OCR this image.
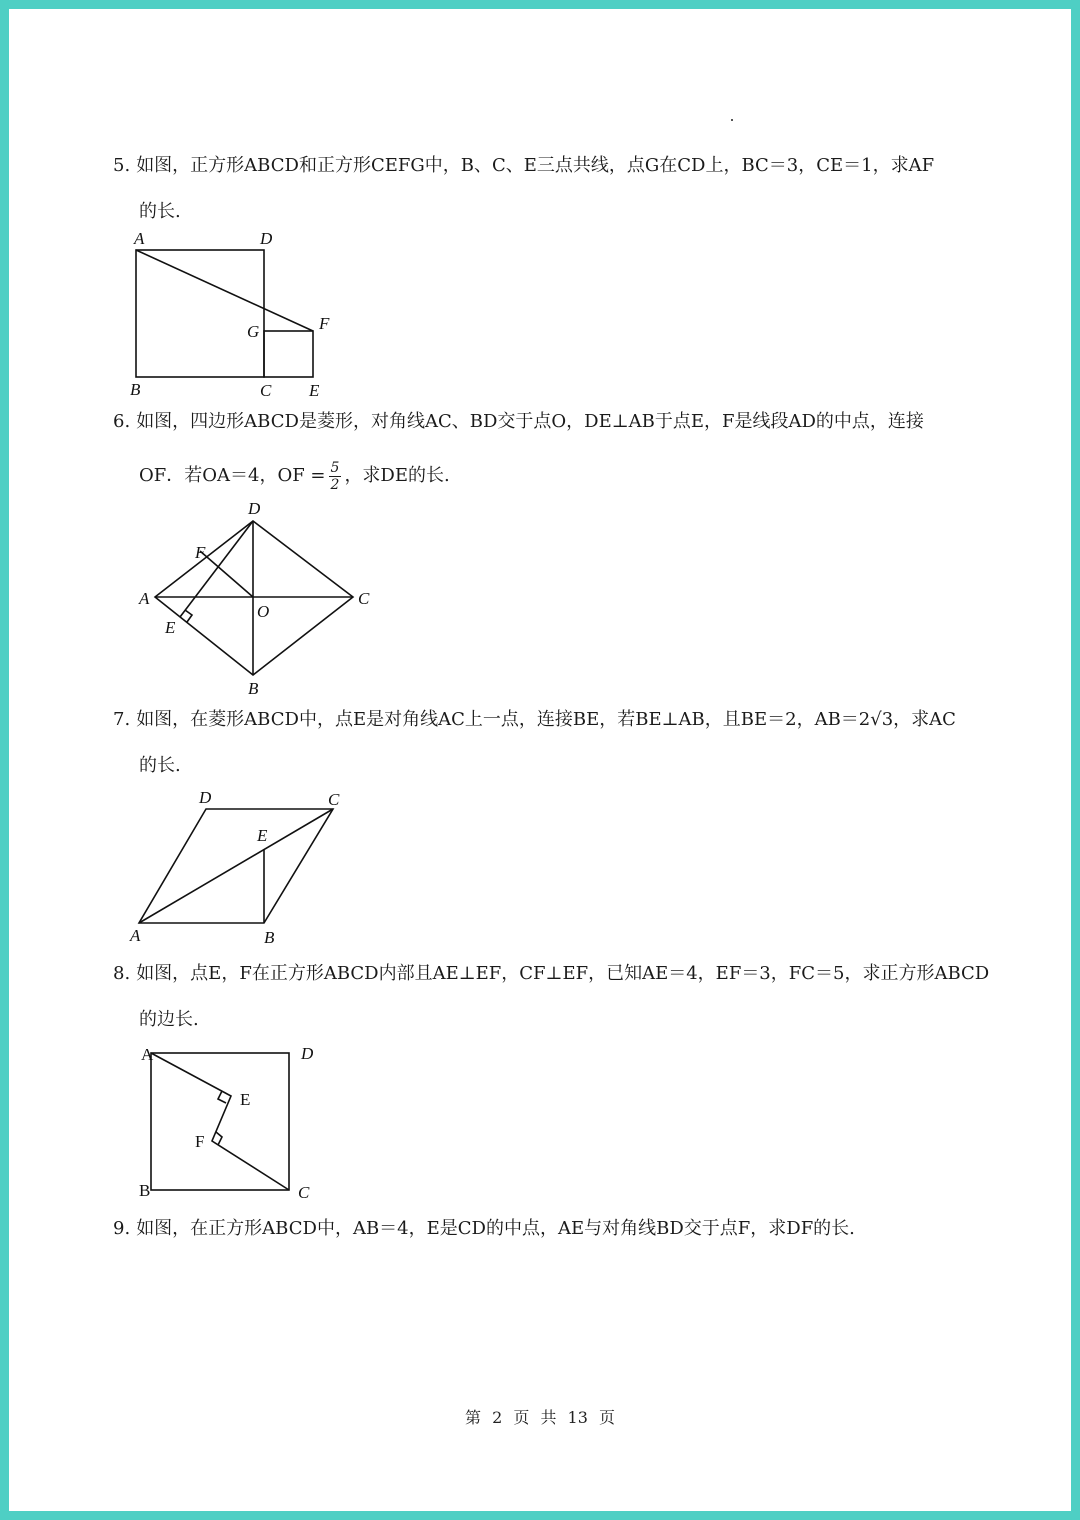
5. 如图，正方形ABCD和正方形CEFG中，B、C、E三点共线，点G在CD上，BC＝3，CE＝1，求AF
的长.
A	D
G	F
B	C E
6. 如图，四边形ABCD是菱形，对角线AC、BD交于点O，DE⊥AB于点E，F是线段AD的中点，连接
OF．若OA＝4，OF = $\frac{5}{2}$ ，求DE的长.
D
F
A
O
C
E
B
7. 如图，在菱形ABCD中，点E是对角线AC上一点，连接BE，若BE⊥AB，且BE＝2，AB＝2√3，求AC
的长.
D	C
E
A	B
8. 如图，点E，F在正方形ABCD内部且AE⊥EF，CF⊥EF，已知AE＝4，EF＝3，FC＝5，求正方形ABCD
的边长.
A	D
E
F
B	C
9. 如图，在正方形ABCD中，AB＝4，E是CD的中点，AE与对角线BD交于点F，求DF的长.
第 2 页 共 13 页
